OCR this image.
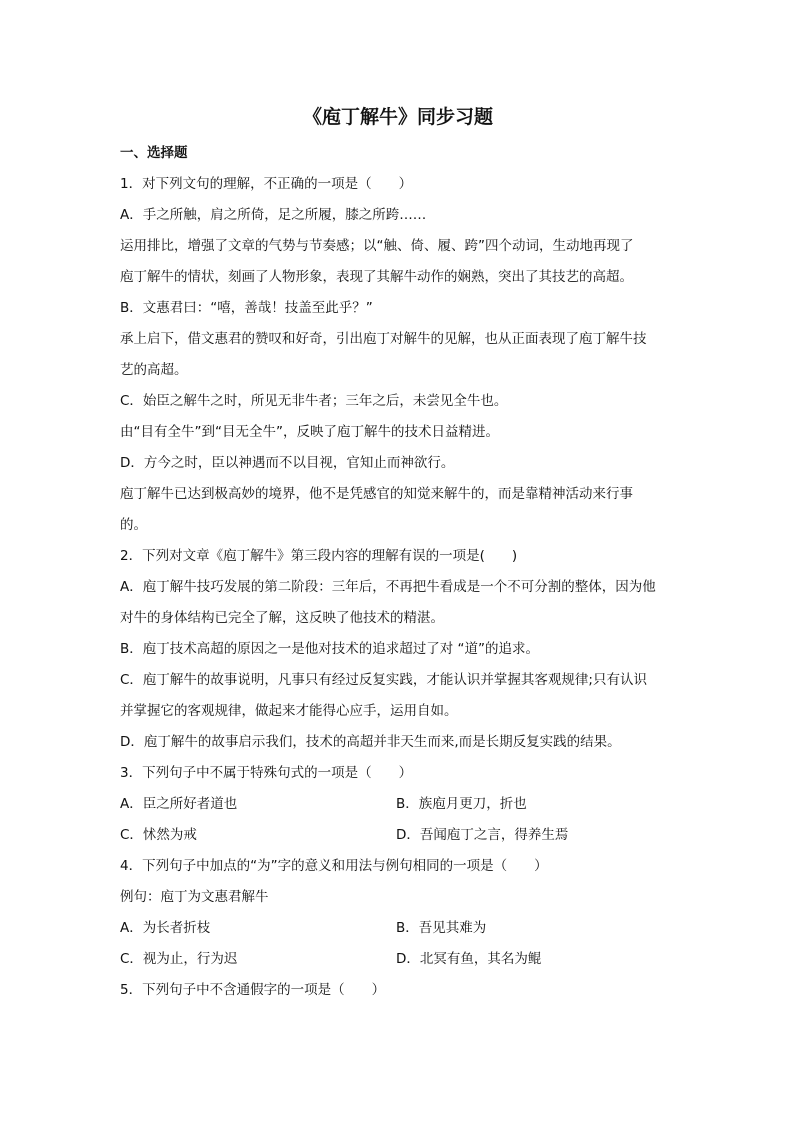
《庖丁解牛》同步习题

一、选择题

1．对下列文句的理解，不正确的一项是（　　）

A．手之所触，肩之所倚，足之所履，膝之所跨……

运用排比，增强了文章的气势与节奏感；以“触、倚、履、跨”四个动词，生动地再现了

庖丁解牛的情状，刻画了人物形象，表现了其解牛动作的娴熟，突出了其技艺的高超。

B．文惠君曰：“嘻，善哉！技盖至此乎？”

承上启下，借文惠君的赞叹和好奇，引出庖丁对解牛的见解，也从正面表现了庖丁解牛技

艺的高超。

C．始臣之解牛之时，所见无非牛者；三年之后，未尝见全牛也。

由“目有全牛”到“目无全牛”，反映了庖丁解牛的技术日益精进。

D．方今之时，臣以神遇而不以目视，官知止而神欲行。

庖丁解牛已达到极高妙的境界，他不是凭感官的知觉来解牛的，而是靠精神活动来行事

的。

2．下列对文章《庖丁解牛》第三段内容的理解有误的一项是(　　)

A．庖丁解牛技巧发展的第二阶段：三年后，不再把牛看成是一个不可分割的整体，因为他

对牛的身体结构已完全了解，这反映了他技术的精湛。

B．庖丁技术高超的原因之一是他对技术的追求超过了对 “道”的追求。

C．庖丁解牛的故事说明，凡事只有经过反复实践，才能认识并掌握其客观规律;只有认识

并掌握它的客观规律，做起来才能得心应手，运用自如。

D．庖丁解牛的故事启示我们，技术的高超并非天生而来,而是长期反复实践的结果。

3．下列句子中不属于特殊句式的一项是（　　）

A．臣之所好者道也	B．族庖月更刀，折也
C．怵然为戒	D．吾闻庖丁之言，得养生焉

4．下列句子中加点的“为”字的意义和用法与例句相同的一项是（　　）

例句：庖丁为文惠君解牛

A．为长者折枝	B．吾见其难为
C．视为止，行为迟	D．北冥有鱼，其名为鲲

5．下列句子中不含通假字的一项是（　　）
